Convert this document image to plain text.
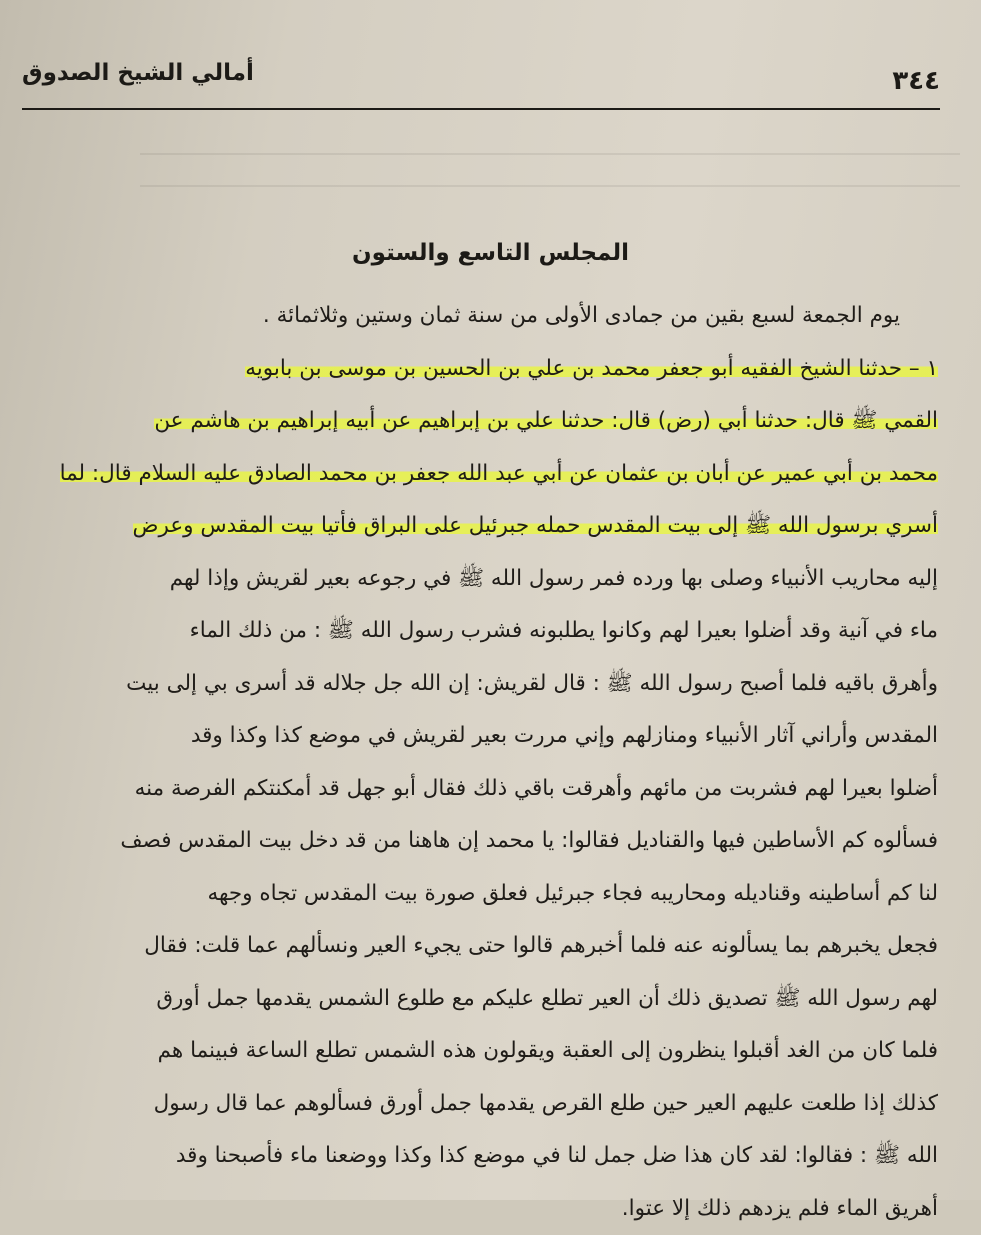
أمالي الشيخ الصدوق	٣٤٤
المجلس التاسع والستون
يوم الجمعة لسبع بقين من جمادى الأولى من سنة ثمان وستين وثلاثمائة .
١ – حدثنا الشيخ الفقيه أبو جعفر محمد بن علي بن الحسين بن موسى بن بابويه
القمي ﷺ قال: حدثنا أبي (رض) قال: حدثنا علي بن إبراهيم عن أبيه إبراهيم بن هاشم عن
محمد بن أبي عمير عن أبان بن عثمان عن أبي عبد الله جعفر بن محمد الصادق عليه السلام قال: لما
أسري برسول الله ﷺ إلى بيت المقدس حمله جبرئيل على البراق فأتيا بيت المقدس وعرض
إليه محاريب الأنبياء وصلى بها ورده فمر رسول الله ﷺ في رجوعه بعير لقريش وإذا لهم
ماء في آنية وقد أضلوا بعيرا لهم وكانوا يطلبونه فشرب رسول الله ﷺ : من ذلك الماء
وأهرق باقيه فلما أصبح رسول الله ﷺ : قال لقريش: إن الله جل جلاله قد أسرى بي إلى بيت
المقدس وأراني آثار الأنبياء ومنازلهم وإني مررت بعير لقريش في موضع كذا وكذا وقد
أضلوا بعيرا لهم فشربت من مائهم وأهرقت باقي ذلك فقال أبو جهل قد أمكنتكم الفرصة منه
فسألوه كم الأساطين فيها والقناديل فقالوا: يا محمد إن هاهنا من قد دخل بيت المقدس فصف
لنا كم أساطينه وقناديله ومحاريبه فجاء جبرئيل فعلق صورة بيت المقدس تجاه وجهه
فجعل يخبرهم بما يسألونه عنه فلما أخبرهم قالوا حتى يجيء العير ونسألهم عما قلت: فقال
لهم رسول الله ﷺ تصديق ذلك أن العير تطلع عليكم مع طلوع الشمس يقدمها جمل أورق
فلما كان من الغد أقبلوا ينظرون إلى العقبة ويقولون هذه الشمس تطلع الساعة فبينما هم
كذلك إذا طلعت عليهم العير حين طلع القرص يقدمها جمل أورق فسألوهم عما قال رسول
الله ﷺ : فقالوا: لقد كان هذا ضل جمل لنا في موضع كذا وكذا ووضعنا ماء فأصبحنا وقد
أهريق الماء فلم يزدهم ذلك إلا عتوا.
